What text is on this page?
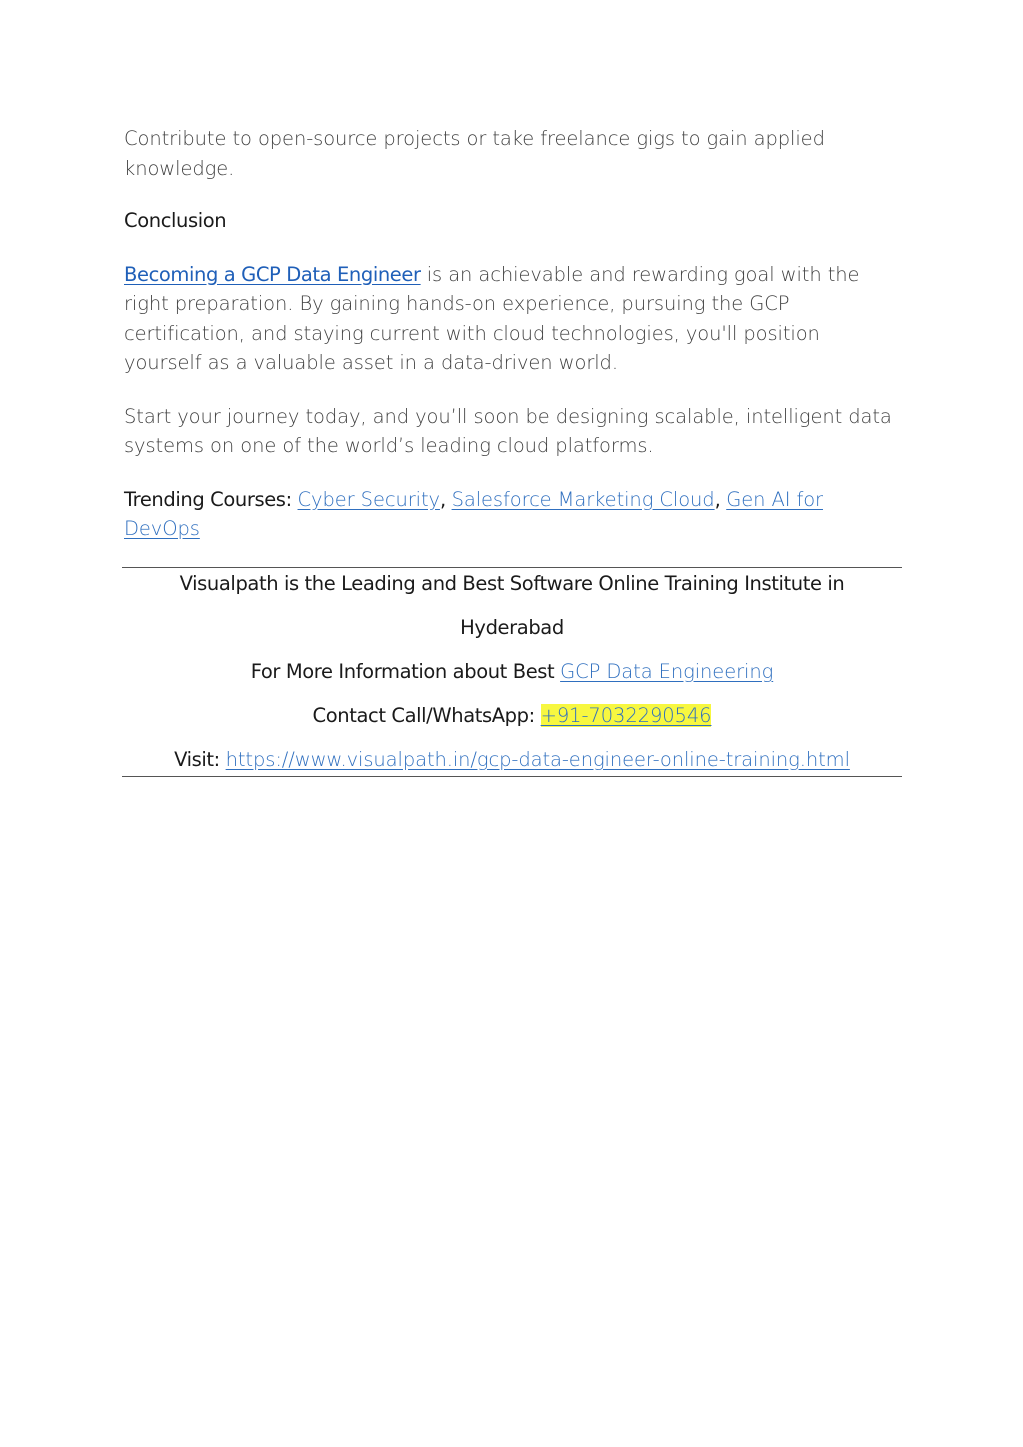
Contribute to open-source projects or take freelance gigs to gain applied knowledge.

Conclusion

Becoming a GCP Data Engineer is an achievable and rewarding goal with the right preparation. By gaining hands-on experience, pursuing the GCP certification, and staying current with cloud technologies, you'll position yourself as a valuable asset in a data-driven world.

Start your journey today, and you’ll soon be designing scalable, intelligent data systems on one of the world’s leading cloud platforms.

Trending Courses: Cyber Security, Salesforce Marketing Cloud, Gen AI for DevOps

Visualpath is the Leading and Best Software Online Training Institute in
Hyderabad
For More Information about Best GCP Data Engineering
Contact Call/WhatsApp: +91-7032290546
Visit: https://www.visualpath.in/gcp-data-engineer-online-training.html
